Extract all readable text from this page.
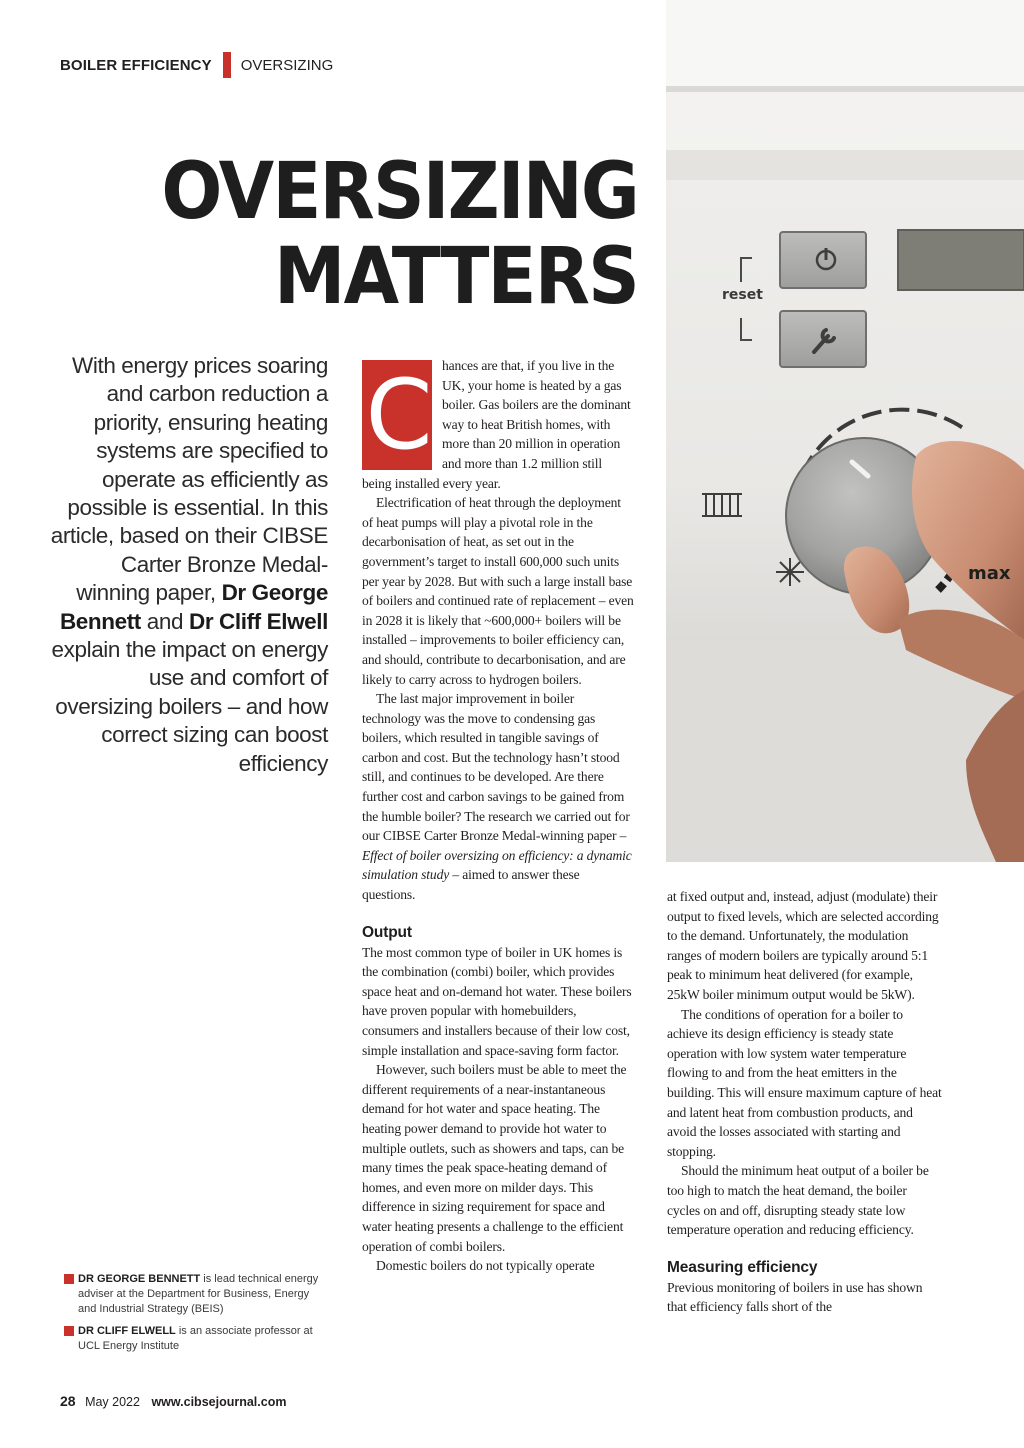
BOILER EFFICIENCY OVERSIZING
OVERSIZING
MATTERS
With energy prices soaring and carbon reduction a priority, ensuring heating systems are specified to operate as efficiently as possible is essential. In this article, based on their CIBSE Carter Bronze Medal-winning paper, Dr George Bennett and Dr Cliff Elwell explain the impact on energy use and comfort of oversizing boilers – and how correct sizing can boost efficiency
C hances are that, if you live in the UK, your home is heated by a gas boiler. Gas boilers are the dominant way to heat British homes, with more than 20 million in operation and more than 1.2 million still being installed every year.

Electrification of heat through the deployment of heat pumps will play a pivotal role in the decarbonisation of heat, as set out in the government’s target to install 600,000 such units per year by 2028. But with such a large install base of boilers and continued rate of replacement – even in 2028 it is likely that ~600,000+ boilers will be installed – improvements to boiler efficiency can, and should, contribute to decarbonisation, and are likely to carry across to hydrogen boilers.

The last major improvement in boiler technology was the move to condensing gas boilers, which resulted in tangible savings of carbon and cost. But the technology hasn’t stood still, and continues to be developed. Are there further cost and carbon savings to be gained from the humble boiler? The research we carried out for our CIBSE Carter Bronze Medal-winning paper – Effect of boiler oversizing on efficiency: a dynamic simulation study – aimed to answer these questions.

Output

The most common type of boiler in UK homes is the combination (combi) boiler, which provides space heat and on-demand hot water. These boilers have proven popular with homebuilders, consumers and installers because of their low cost, simple installation and space-saving form factor.

However, such boilers must be able to meet the different requirements of a near-instantaneous demand for hot water and space heating. The heating power demand to provide hot water to multiple outlets, such as showers and taps, can be many times the peak space-heating demand of homes, and even more on milder days. This difference in sizing requirement for space and water heating presents a challenge to the efficient operation of combi boilers.

Domestic boilers do not typically operate

at fixed output and, instead, adjust (modulate) their output to fixed levels, which are selected according to the demand. Unfortunately, the modulation ranges of modern boilers are typically around 5:1 peak to minimum heat delivered (for example, 25kW boiler minimum output would be 5kW).

The conditions of operation for a boiler to achieve its design efficiency is steady state operation with low system water temperature flowing to and from the heat emitters in the building. This will ensure maximum capture of heat and latent heat from combustion products, and avoid the losses associated with starting and stopping.

Should the minimum heat output of a boiler be too high to match the heat demand, the boiler cycles on and off, disrupting steady state low temperature operation and reducing efficiency.

Measuring efficiency

Previous monitoring of boilers in use has shown that efficiency falls short of the

reset
max
DR GEORGE BENNETT is lead technical energy adviser at the Department for Business, Energy and Industrial Strategy (BEIS)
DR CLIFF ELWELL is an associate professor at UCL Energy Institute
28 May 2022 www.cibsejournal.com
